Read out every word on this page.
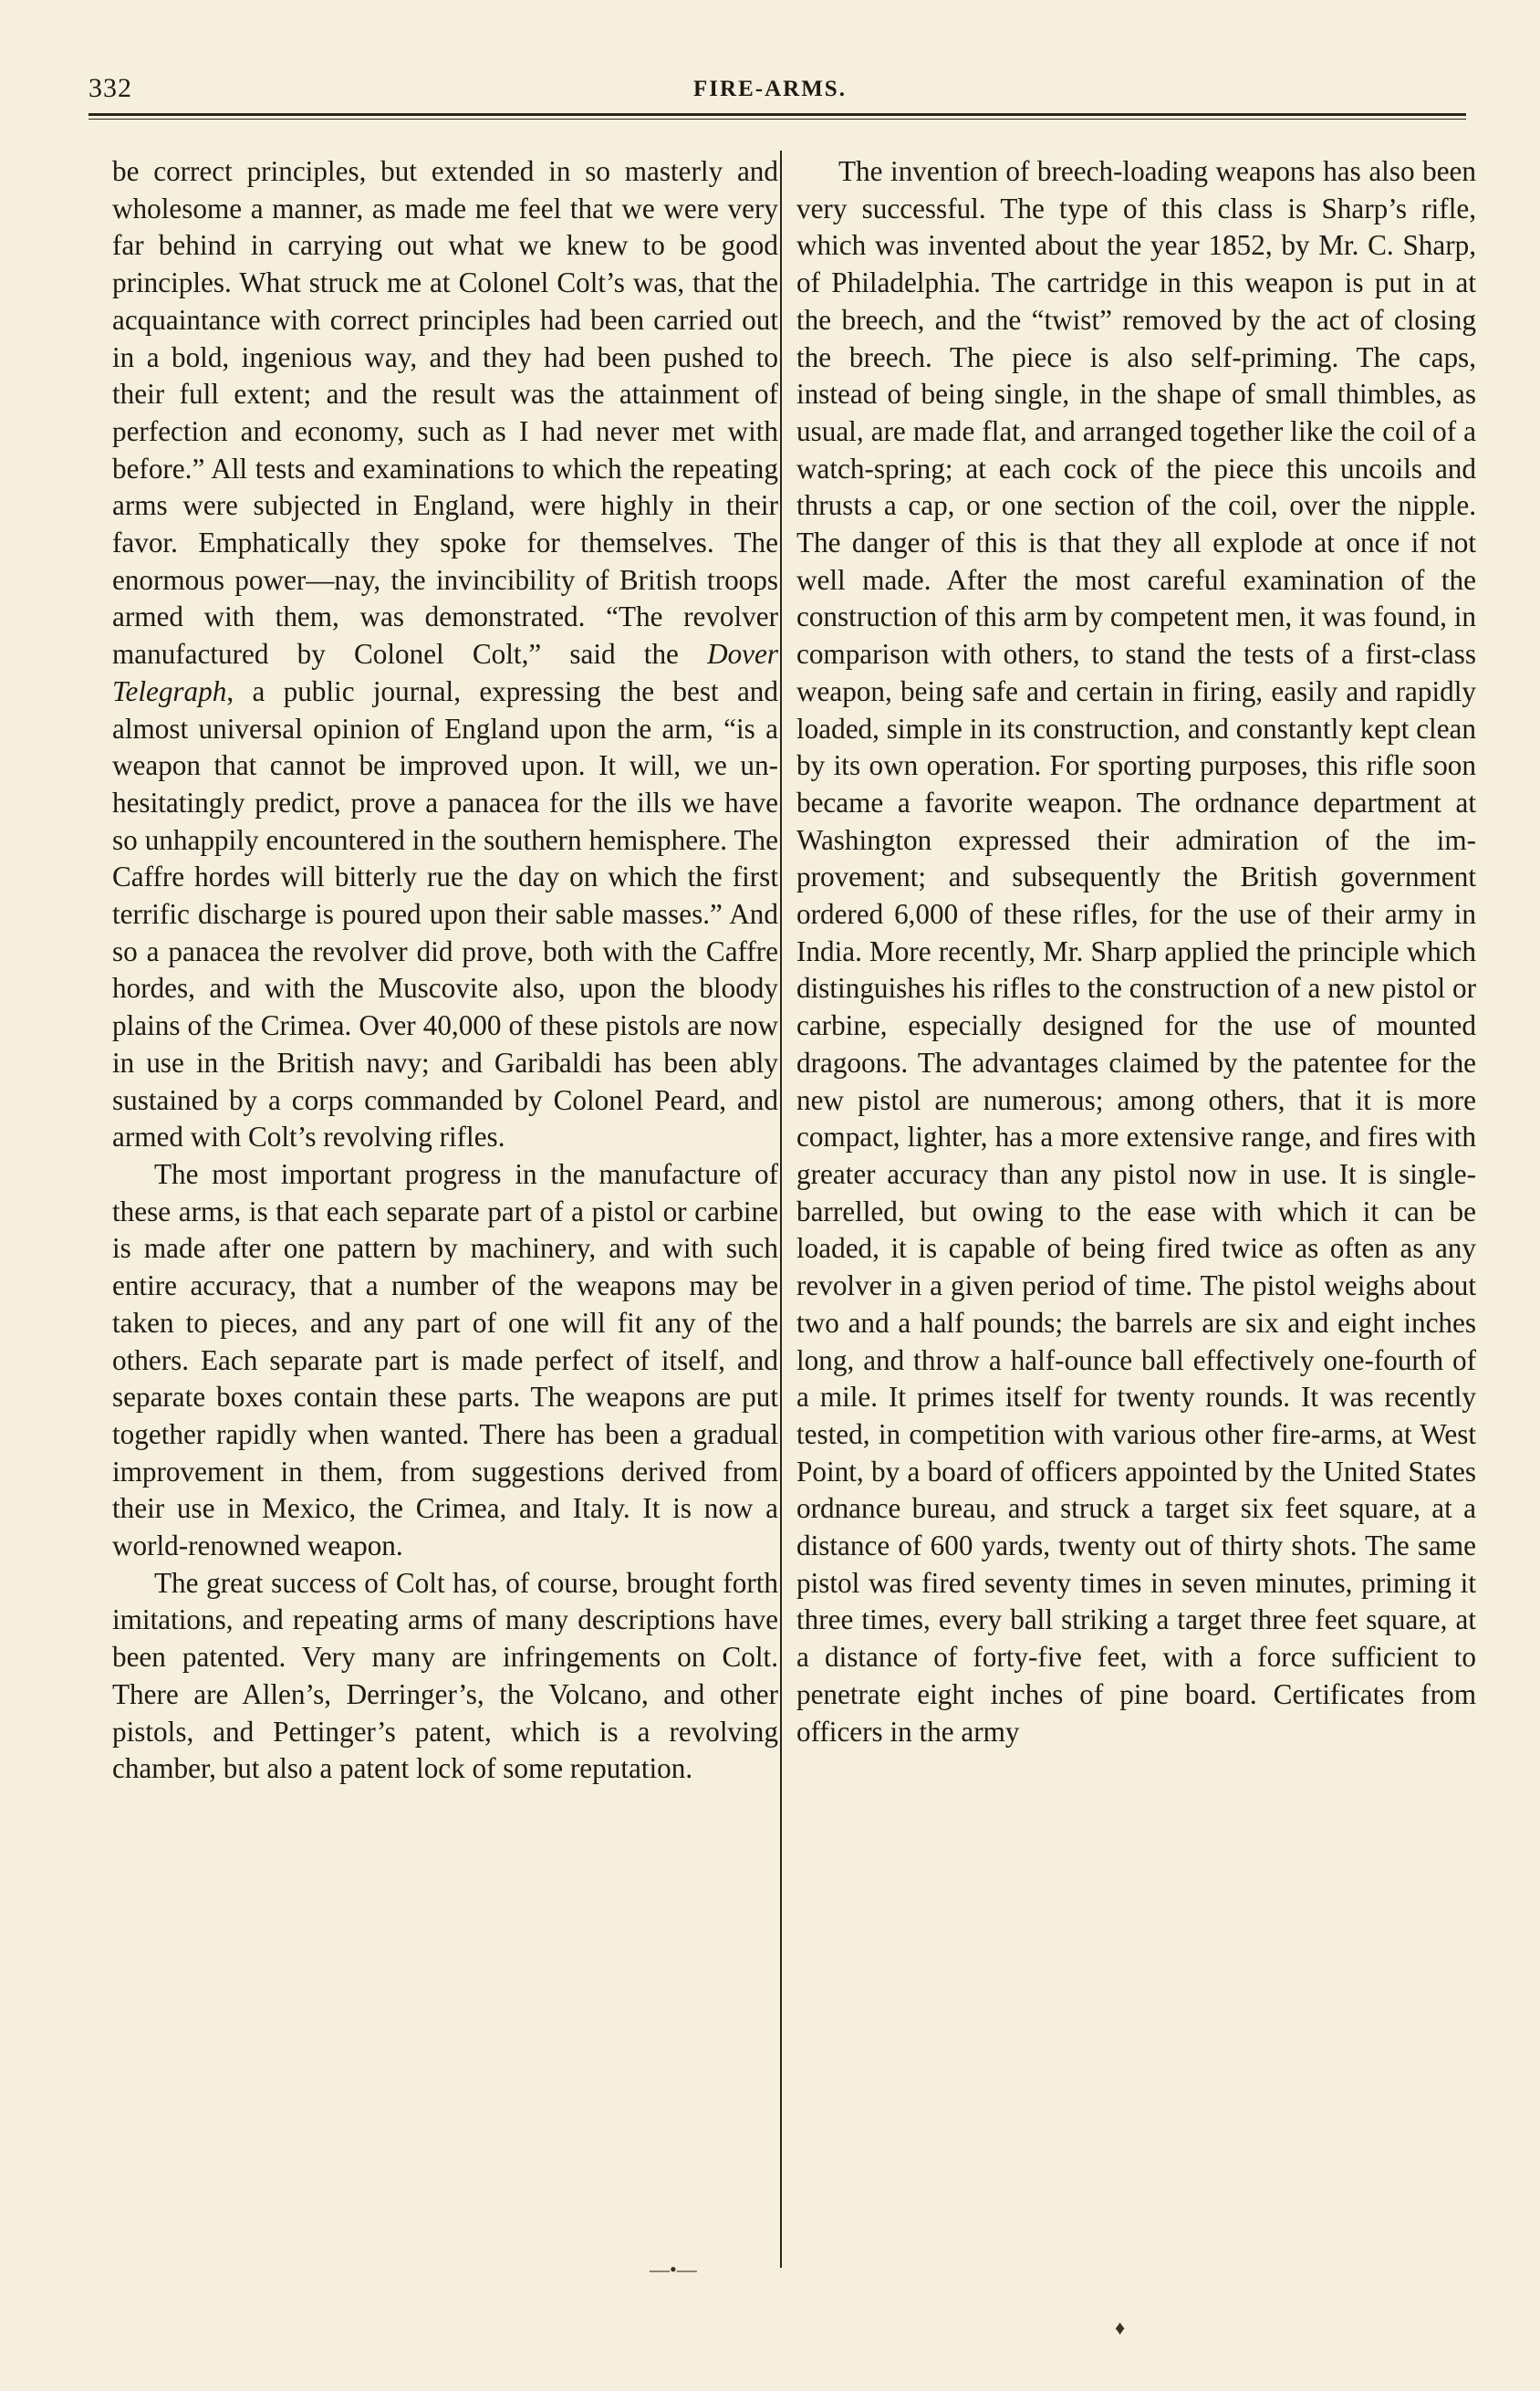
332	FIRE-ARMS.

be correct principles, but extended in so masterly and wholesome a manner, as made me feel that we were very far behind in carrying out what we knew to be good principles. What struck me at Colonel Colt’s was, that the acquaintance with correct principles had been carried out in a bold, ingenious way, and they had been pushed to their full extent; and the result was the attainment of perfection and economy, such as I had never met with before.” All tests and examinations to which the repeating arms were subjected in England, were highly in their favor. Emphatically they spoke for themselves. The enormous power—nay, the invincibility of British troops armed with them, was demonstrated. “The revolver manufactured by Colonel Colt,” said the Dover Telegraph, a public journal, expressing the best and almost universal opinion of England upon the arm, “is a weapon that cannot be improved upon. It will, we unhesitatingly predict, prove a panacea for the ills we have so unhappily encountered in the southern hemisphere. The Caffre hordes will bitterly rue the day on which the first terrific discharge is poured upon their sable masses.” And so a panacea the revolver did prove, both with the Caffre hordes, and with the Muscovite also, upon the bloody plains of the Crimea. Over 40,000 of these pistols are now in use in the British navy; and Garibaldi has been ably sustained by a corps commanded by Colonel Peard, and armed with Colt’s revolving rifles.

The most important progress in the manufacture of these arms, is that each separate part of a pistol or carbine is made after one pattern by machinery, and with such entire accuracy, that a number of the weapons may be taken to pieces, and any part of one will fit any of the others. Each separate part is made perfect of itself, and separate boxes contain these parts. The weapons are put together rapidly when wanted. There has been a gradual improvement in them, from suggestions derived from their use in Mexico, the Crimea, and Italy. It is now a world-renowned weapon.

The great success of Colt has, of course, brought forth imitations, and repeating arms of many descriptions have been patented. Very many are infringements on Colt. There are Allen’s, Derringer’s, the Volcano, and other pistols, and Pettinger’s patent, which is a revolving chamber, but also a patent lock of some reputation.

The invention of breech-loading weapons has also been very successful. The type of this class is Sharp’s rifle, which was invented about the year 1852, by Mr. C. Sharp, of Philadelphia. The cartridge in this weapon is put in at the breech, and the “twist” removed by the act of closing the breech. The piece is also self-priming. The caps, instead of being single, in the shape of small thimbles, as usual, are made flat, and arranged together like the coil of a watch-spring; at each cock of the piece this uncoils and thrusts a cap, or one section of the coil, over the nipple. The danger of this is that they all explode at once if not well made. After the most careful examination of the construction of this arm by competent men, it was found, in comparison with others, to stand the tests of a first-class weapon, being safe and certain in firing, easily and rapidly loaded, simple in its construction, and constantly kept clean by its own operation. For sporting purposes, this rifle soon became a favorite weapon. The ordnance department at Washington expressed their admiration of the improvement; and subsequently the British government ordered 6,000 of these rifles, for the use of their army in India. More recently, Mr. Sharp applied the principle which distinguishes his rifles to the construction of a new pistol or carbine, especially designed for the use of mounted dragoons. The advantages claimed by the patentee for the new pistol are numerous; among others, that it is more compact, lighter, has a more extensive range, and fires with greater accuracy than any pistol now in use. It is single-barrelled, but owing to the ease with which it can be loaded, it is capable of being fired twice as often as any revolver in a given period of time. The pistol weighs about two and a half pounds; the barrels are six and eight inches long, and throw a half-ounce ball effectively one-fourth of a mile. It primes itself for twenty rounds. It was recently tested, in competition with various other fire-arms, at West Point, by a board of officers appointed by the United States ordnance bureau, and struck a target six feet square, at a distance of 600 yards, twenty out of thirty shots. The same pistol was fired seventy times in seven minutes, priming it three times, every ball striking a target three feet square, at a distance of forty-five feet, with a force sufficient to penetrate eight inches of pine board. Certificates from officers in the army

—•—
♦
